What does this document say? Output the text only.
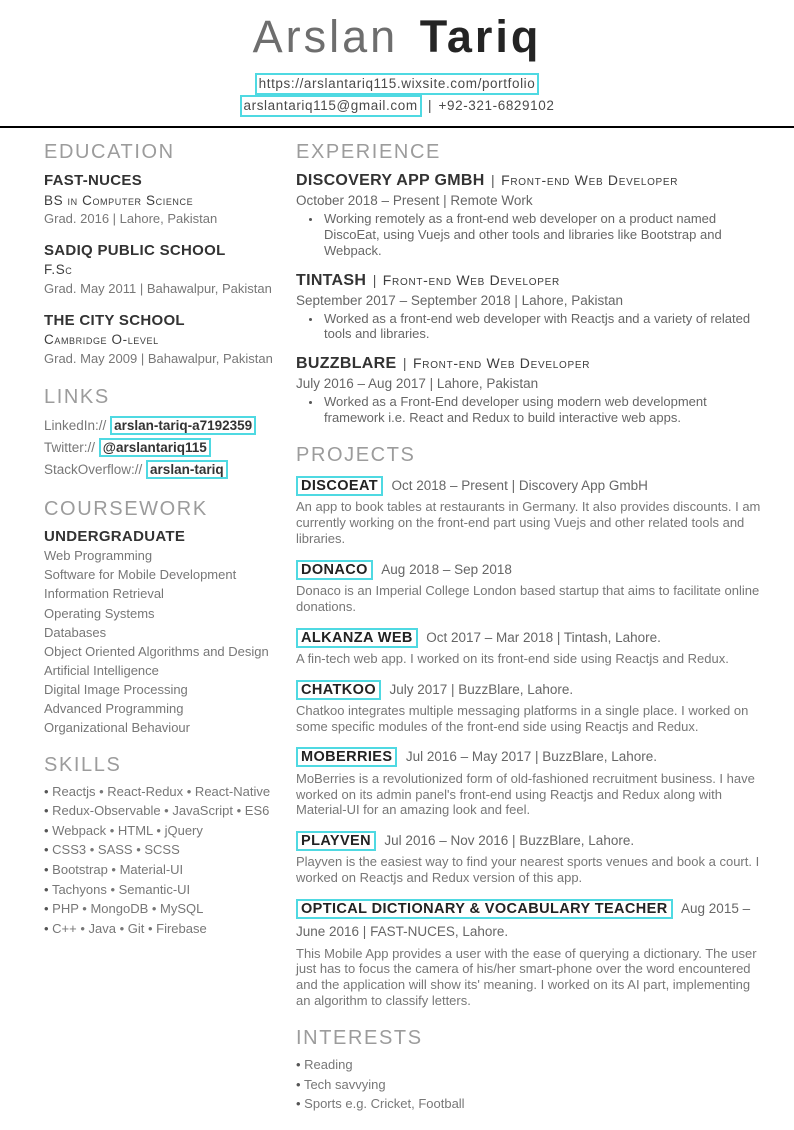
Arslan Tariq
https://arslantariq115.wixsite.com/portfolio
arslantariq115@gmail.com | +92-321-6829102
EDUCATION
FAST-NUCES
BS in Computer Science
Grad. 2016 | Lahore, Pakistan
SADIQ PUBLIC SCHOOL
F.Sc
Grad. May 2011 | Bahawalpur, Pakistan
THE CITY SCHOOL
Cambridge O-level
Grad. May 2009 | Bahawalpur, Pakistan
LINKS
LinkedIn:// arslan-tariq-a7192359
Twitter:// @arslantariq115
StackOverflow:// arslan-tariq
COURSEWORK
UNDERGRADUATE
Web Programming
Software for Mobile Development
Information Retrieval
Operating Systems
Databases
Object Oriented Algorithms and Design
Artificial Intelligence
Digital Image Processing
Advanced Programming
Organizational Behaviour
SKILLS
• Reactjs • React-Redux • React-Native
• Redux-Observable • JavaScript • ES6
• Webpack • HTML • jQuery
• CSS3 • SASS • SCSS
• Bootstrap • Material-UI
• Tachyons • Semantic-UI
• PHP • MongoDB • MySQL
• C++ • Java • Git • Firebase
EXPERIENCE
DISCOVERY APP GMBH | Front-end Web Developer
October 2018 – Present | Remote Work
• Working remotely as a front-end web developer on a product named DiscoEat, using Vuejs and other tools and libraries like Bootstrap and Webpack.
TINTASH | Front-end Web Developer
September 2017 – September 2018 | Lahore, Pakistan
• Worked as a front-end web developer with Reactjs and a variety of related tools and libraries.
BUZZBLARE | Front-end Web Developer
July 2016 – Aug 2017 | Lahore, Pakistan
• Worked as a Front-End developer using modern web development framework i.e. React and Redux to build interactive web apps.
PROJECTS
DISCOEAT Oct 2018 – Present | Discovery App GmbH
An app to book tables at restaurants in Germany. It also provides discounts. I am currently working on the front-end part using Vuejs and other related tools and libraries.
DONACO Aug 2018 – Sep 2018
Donaco is an Imperial College London based startup that aims to facilitate online donations.
ALKANZA WEB Oct 2017 – Mar 2018 | Tintash, Lahore.
A fin-tech web app. I worked on its front-end side using Reactjs and Redux.
CHATKOO July 2017 | BuzzBlare, Lahore.
Chatkoo integrates multiple messaging platforms in a single place. I worked on some specific modules of the front-end side using Reactjs and Redux.
MOBERRIES Jul 2016 – May 2017 | BuzzBlare, Lahore.
MoBerries is a revolutionized form of old-fashioned recruitment business. I have worked on its admin panel's front-end using Reactjs and Redux along with Material-UI for an amazing look and feel.
PLAYVEN Jul 2016 – Nov 2016 | BuzzBlare, Lahore.
Playven is the easiest way to find your nearest sports venues and book a court. I worked on Reactjs and Redux version of this app.
OPTICAL DICTIONARY & VOCABULARY TEACHER Aug 2015 – June 2016 | FAST-NUCES, Lahore.
This Mobile App provides a user with the ease of querying a dictionary. The user just has to focus the camera of his/her smart-phone over the word encountered and the application will show its' meaning. I worked on its AI part, implementing an algorithm to classify letters.
INTERESTS
• Reading
• Tech savvying
• Sports e.g. Cricket, Football
